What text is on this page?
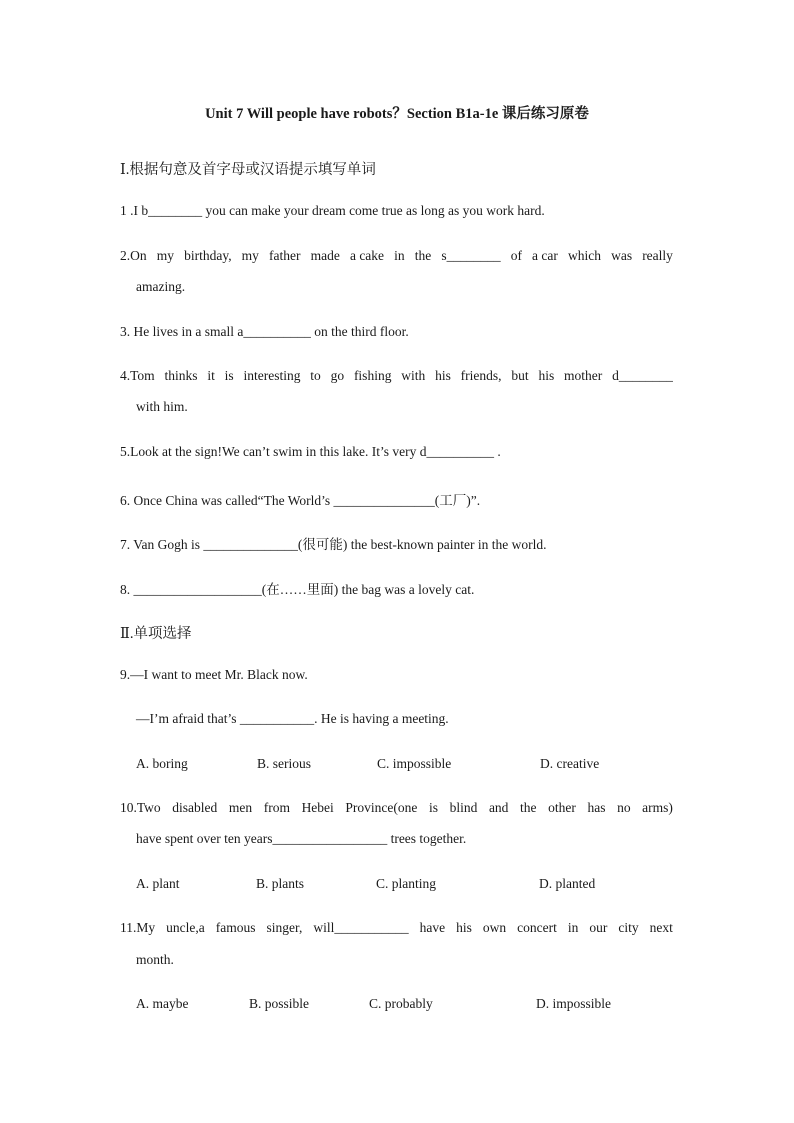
Unit 7 Will people have robots？Section B1a-1e 课后练习原卷
Ⅰ.根据句意及首字母或汉语提示填写单词
1 .I b________ you can make your dream come true as long as you work hard.
2.On my birthday, my father made a cake in the s________ of a car which was really
amazing.
3. He lives in a small a__________ on the third floor.
4.Tom thinks it is interesting to go fishing with his friends, but his mother d________
with him.
5.Look at the sign!We can’t swim in this lake. It’s very d__________ .
6. Once China was called“The World’s _______________(工厂)”.
7. Van Gogh is ______________(很可能) the best-known painter in the world.
8. ___________________(在……里面) the bag was a lovely cat.
Ⅱ.单项选择
9.—I want to meet Mr. Black now.
—I’m afraid that’s ___________. He is having a meeting.
A. boring	B. serious	C. impossible	D. creative
10.Two disabled men from Hebei Province(one is blind and the other has no arms)
have spent over ten years_________________ trees together.
A. plant	B. plants	C. planting	D. planted
11.My uncle,a famous singer, will___________ have his own concert in our city next
month.
A. maybe	B. possible	C. probably	D. impossible
